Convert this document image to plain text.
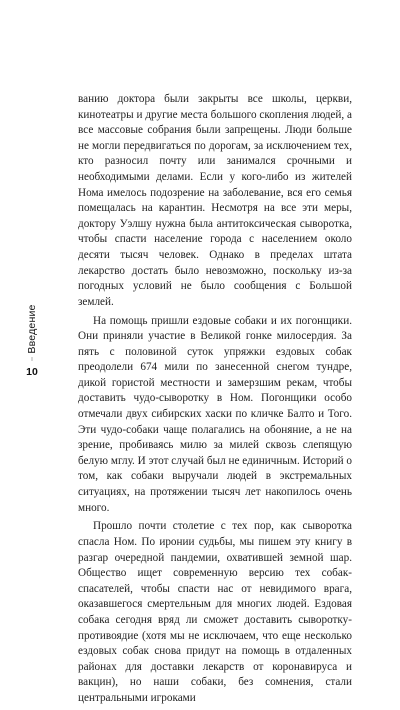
Введение
10

ванию доктора были закрыты все школы, церкви, кинотеатры и другие места большого скопления людей, а все массовые собрания были запрещены. Люди больше не могли передвигаться по дорогам, за исключением тех, кто разносил почту или занимался срочными и необходимыми делами. Если у кого-либо из жителей Нома имелось подозрение на заболевание, вся его семья помещалась на карантин. Несмотря на все эти меры, доктору Уэлшу нужна была антитоксическая сыворотка, чтобы спасти население города с населением около десяти тысяч человек. Однако в пределах штата лекарство достать было невозможно, поскольку из-за погодных условий не было сообщения с Большой землей.

На помощь пришли ездовые собаки и их погонщики. Они приняли участие в Великой гонке милосердия. За пять с половиной суток упряжки ездовых собак преодолели 674 мили по занесенной снегом тундре, дикой гористой местности и замерзшим рекам, чтобы доставить чудо-сыворотку в Ном. Погонщики особо отмечали двух сибирских хаски по кличке Балто и Того. Эти чудо-собаки чаще полагались на обоняние, а не на зрение, пробиваясь милю за милей сквозь слепящую белую мглу. И этот случай был не единичным. Историй о том, как собаки выручали людей в экстремальных ситуациях, на протяжении тысяч лет накопилось очень много.

Прошло почти столетие с тех пор, как сыворотка спасла Ном. По иронии судьбы, мы пишем эту книгу в разгар очередной пандемии, охватившей земной шар. Общество ищет современную версию тех собак-спасателей, чтобы спасти нас от невидимого врага, оказавшегося смертельным для многих людей. Ездовая собака сегодня вряд ли сможет доставить сыворотку-противоядие (хотя мы не исключаем, что еще несколько ездовых собак снова придут на помощь в отдаленных районах для доставки лекарств от коронавируса и вакцин), но наши собаки, без сомнения, стали центральными игроками
